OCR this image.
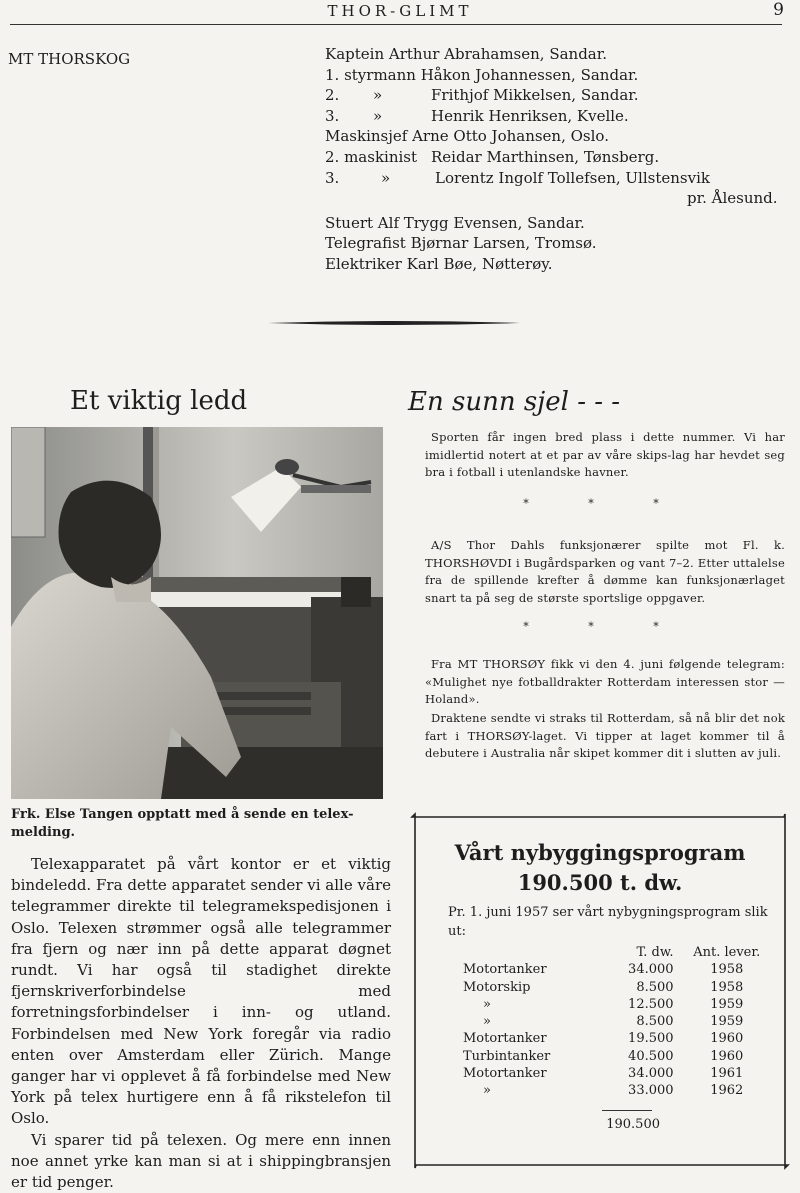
THOR-GLIMT	9
MT THORSKOG	Kaptein Arthur Abrahamsen, Sandar.
1. styrmann Håkon Johannessen, Sandar.
2. »	Frithjof Mikkelsen, Sandar.
3. »	Henrik Henriksen, Kvelle.
Maskinsjef Arne Otto Johansen, Oslo.
2. maskinist Reidar Marthinsen, Tønsberg.
3.	»	Lorentz Ingolf Tollefsen, Ullstensvik
pr. Ålesund.
Stuert Alf Trygg Evensen, Sandar.
Telegrafist Bjørnar Larsen, Tromsø.
Elektriker Karl Bøe, Nøtterøy.
Et viktig ledd
Frk. Else Tangen opptatt med å sende en telex-melding.

Telexapparatet på vårt kontor er et viktig bindeledd. Fra dette apparatet sender vi alle våre telegrammer direkte til telegramekspedisjonen i Oslo. Telexen strømmer også alle telegrammer fra fjern og nær inn på dette apparat døgnet rundt. Vi har også til stadighet direkte fjernskriverforbindelse med forretningsforbindelser i inn- og utland. Forbindelsen med New York foregår via radio enten over Amsterdam eller Zürich. Mange ganger har vi opplevet å få forbindelse med New York på telex hurtigere enn å få rikstelefon til Oslo.

Vi sparer tid på telexen. Og mere enn innen noe annet yrke kan man si at i shippingbransjen er tid penger.

En sunn sjel - - -

Sporten får ingen bred plass i dette nummer. Vi har imidlertid notert at et par av våre skips-lag har hevdet seg bra i fotball i utenlandske havner.

* * *

A/S Thor Dahls funksjonærer spilte mot Fl. k. THORSHØVDI i Bugårdsparken og vant 7–2. Etter uttalelse fra de spillende krefter å dømme kan funksjonærlaget snart ta på seg de største sportslige oppgaver.

* * *

Fra MT THORSØY fikk vi den 4. juni følgende telegram: «Mulighet nye fotballdrakter Rotterdam interessen stor — Holand».

Draktene sendte vi straks til Rotterdam, så nå blir det nok fart i THORSØY-laget. Vi tipper at laget kommer til å debutere i Australia når skipet kommer dit i slutten av juli.

Vårt nybyggingsprogram
190.500 t. dw.
Pr. 1. juni 1957 ser vårt nybygningsprogram slik ut:
	T. dw.	Ant. lever.
Motortanker	34.000	1958
Motorskip	8.500	1958
»	12.500	1959
»	8.500	1959
Motortanker	19.500	1960
Turbintanker	40.500	1960
Motortanker	34.000	1961
»	33.000	1962
190.500
